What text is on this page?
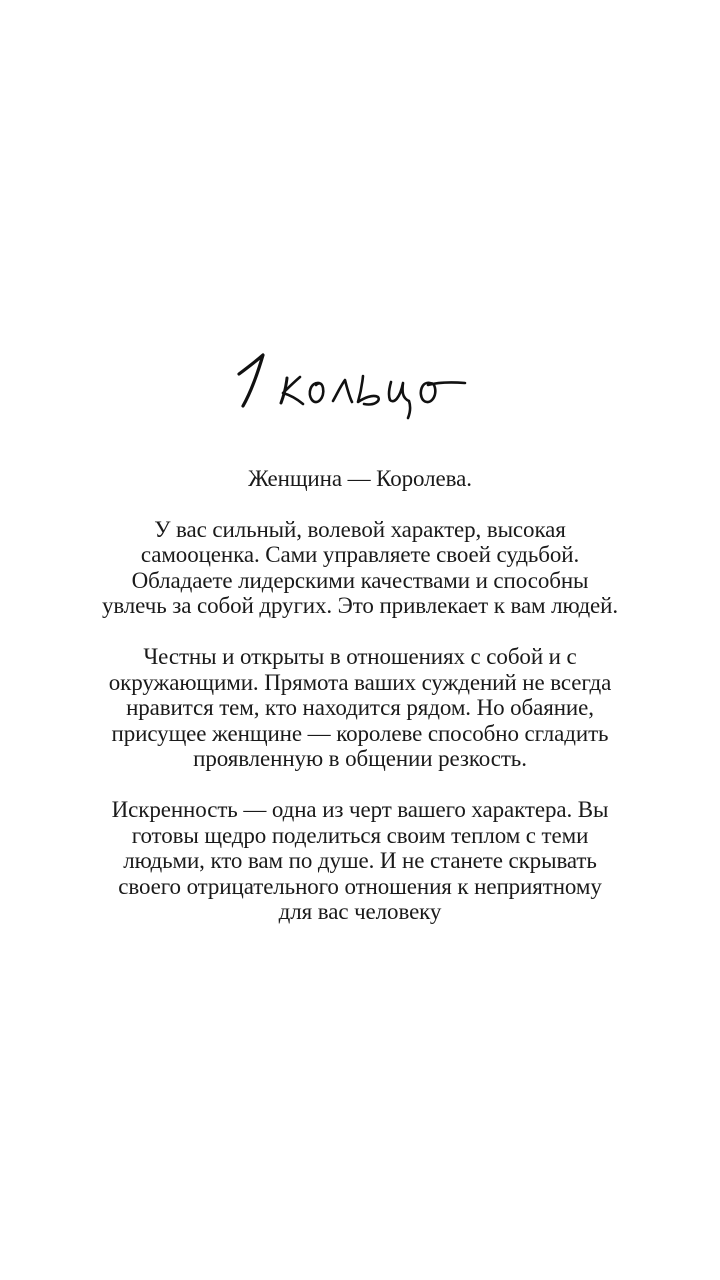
Женщина — Королева.

У вас сильный, волевой характер, высокая
самооценка. Сами управляете своей судьбой.
Обладаете лидерскими качествами и способны
увлечь за собой других. Это привлекает к вам людей.

Честны и открыты в отношениях с собой и с
окружающими. Прямота ваших суждений не всегда
нравится тем, кто находится рядом. Но обаяние,
присущее женщине — королеве способно сгладить
проявленную в общении резкость.

Искренность — одна из черт вашего характера. Вы
готовы щедро поделиться своим теплом с теми
людьми, кто вам по душе. И не станете скрывать
своего отрицательного отношения к неприятному
для вас человеку
